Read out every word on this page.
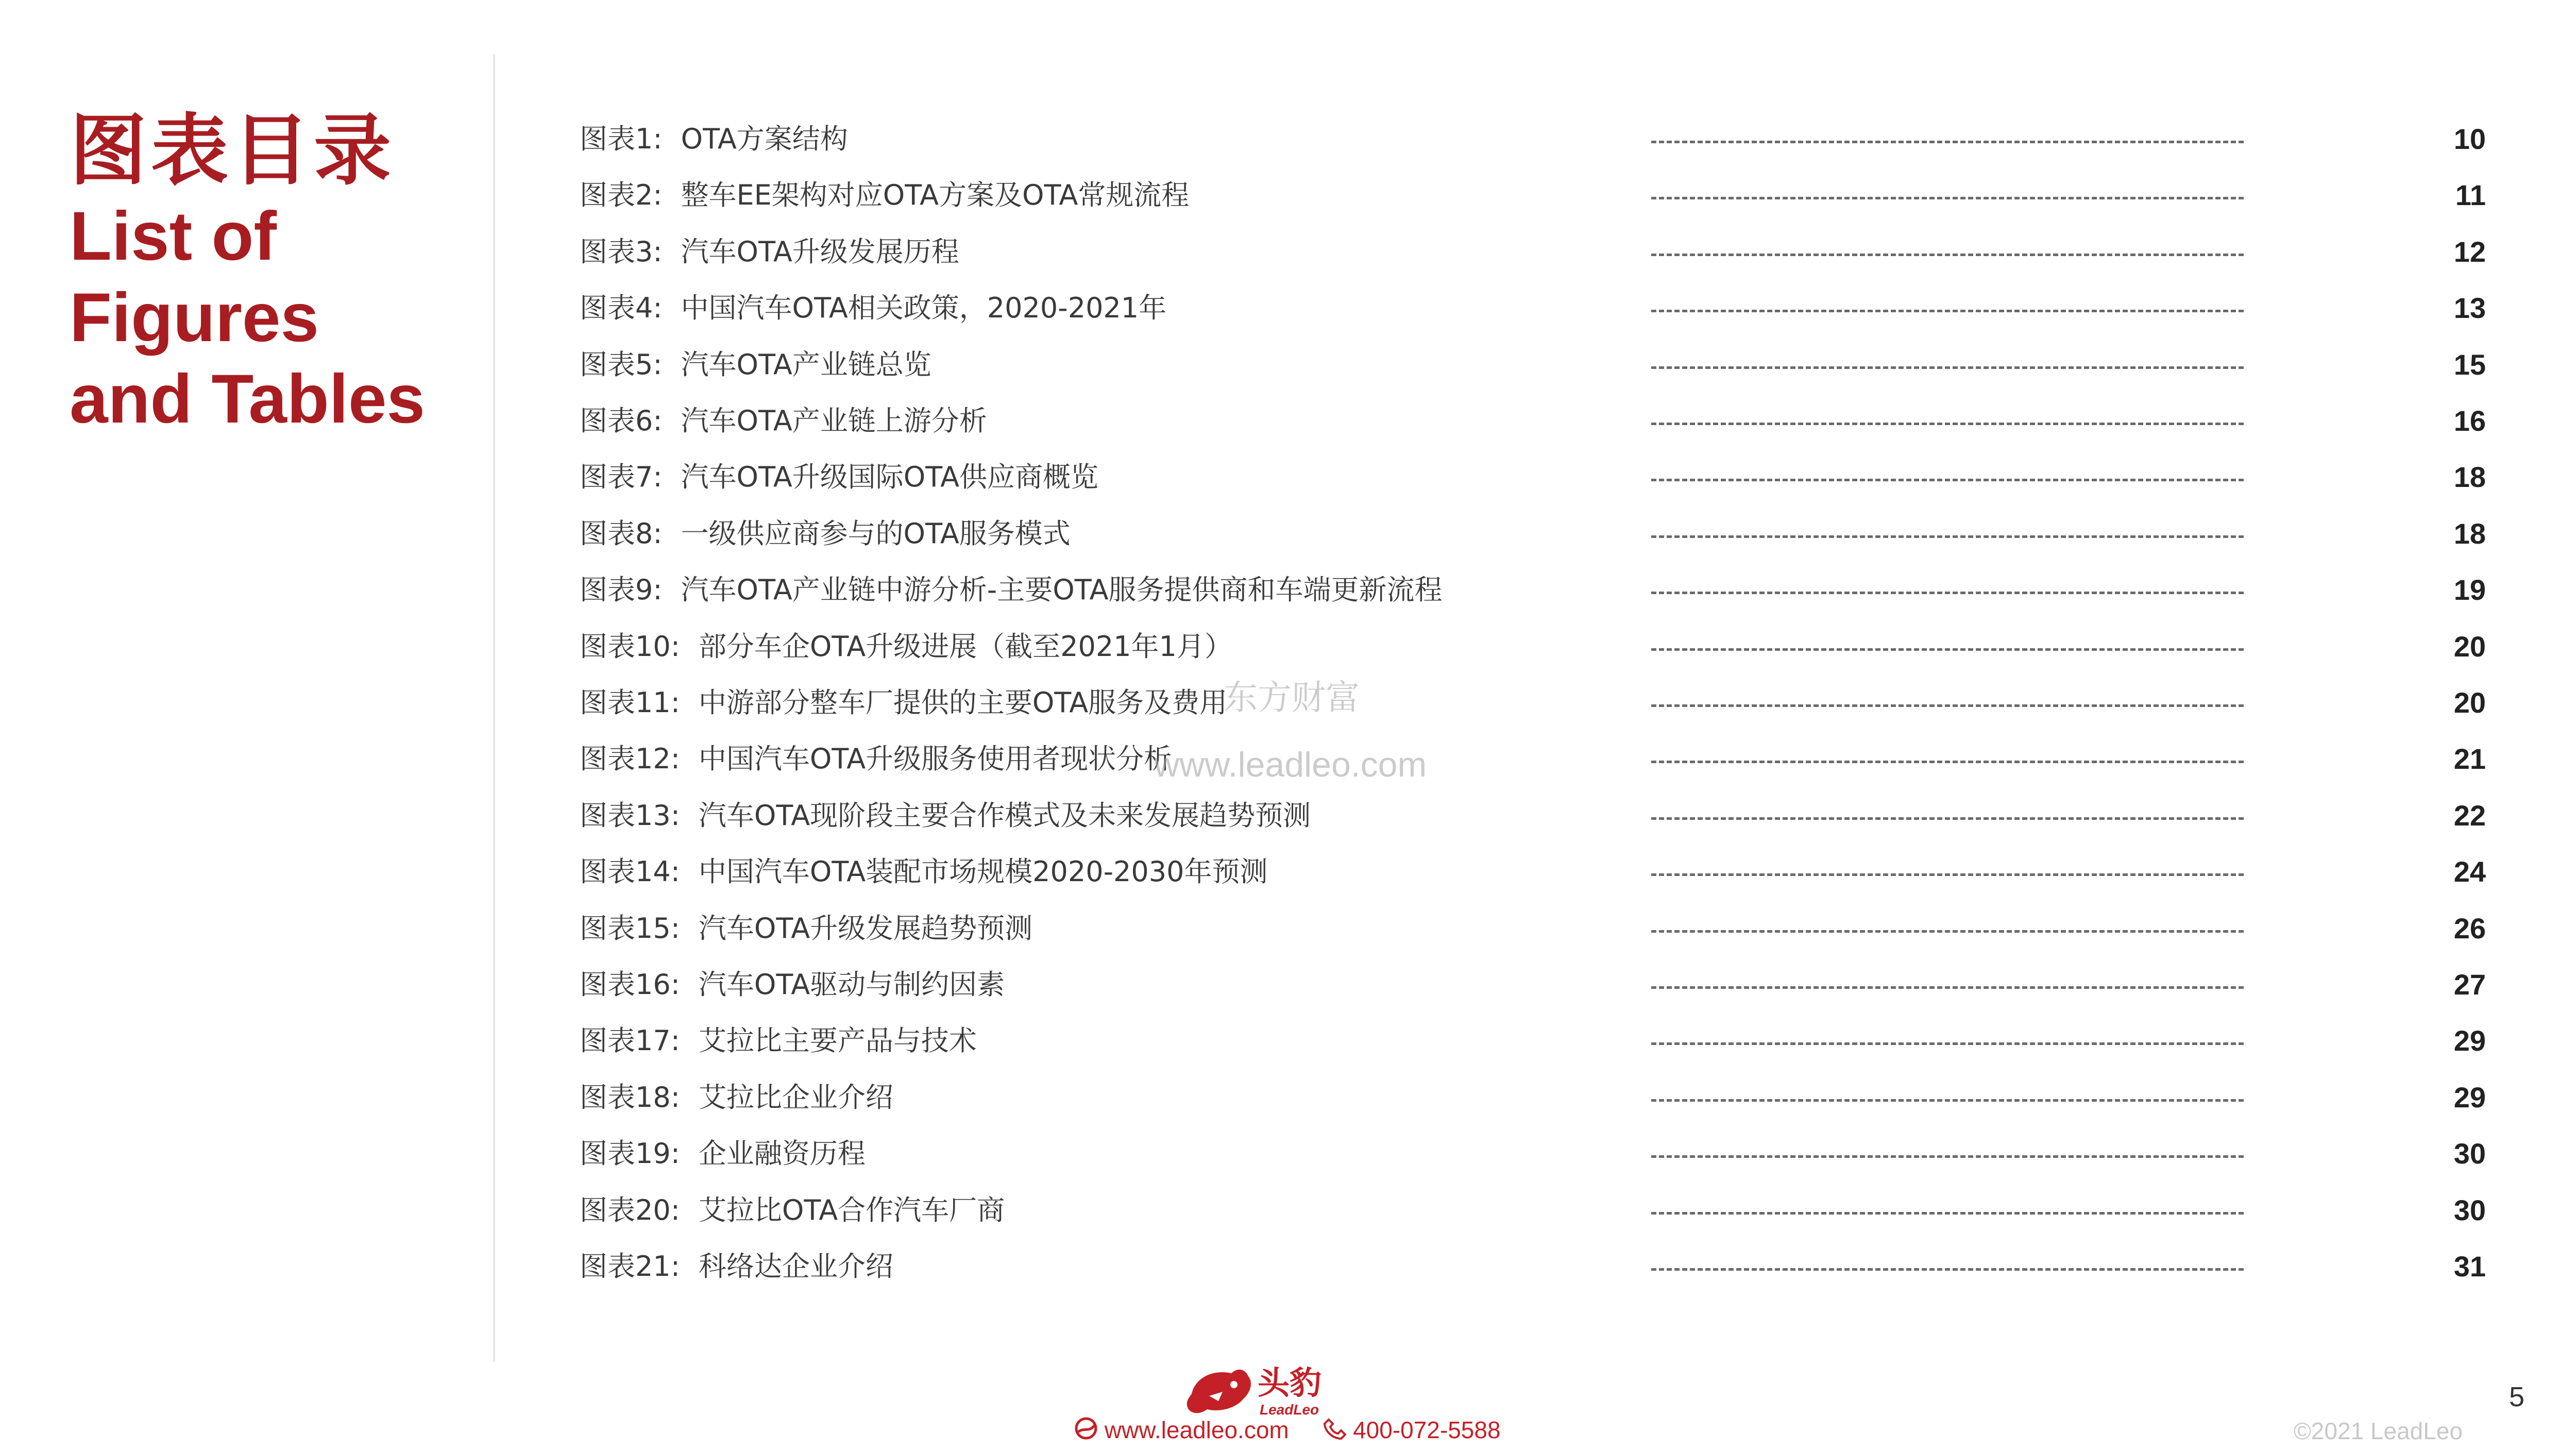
图表目录
List of
Figures
and Tables
图表1: OTA方案结构	10
图表2: 整车EE架构对应OTA方案及OTA常规流程	11
图表3: 汽车OTA升级发展历程	12
图表4: 中国汽车OTA相关政策，2020-2021年	13
图表5: 汽车OTA产业链总览	15
图表6: 汽车OTA产业链上游分析	16
图表7: 汽车OTA升级国际OTA供应商概览	18
图表8: 一级供应商参与的OTA服务模式	18
图表9: 汽车OTA产业链中游分析-主要OTA服务提供商和车端更新流程	19
图表10: 部分车企OTA升级进展（截至2021年1月）	20
图表11: 中游部分整车厂提供的主要OTA服务及费用	20
图表12: 中国汽车OTA升级服务使用者现状分析	21
图表13: 汽车OTA现阶段主要合作模式及未来发展趋势预测	22
图表14: 中国汽车OTA装配市场规模2020-2030年预测	24
图表15: 汽车OTA升级发展趋势预测	26
图表16: 汽车OTA驱动与制约因素	27
图表17: 艾拉比主要产品与技术	29
图表18: 艾拉比企业介绍	29
图表19: 企业融资历程	30
图表20: 艾拉比OTA合作汽车厂商	30
图表21: 科络达企业介绍	31
东方财富
www.leadleo.com
头豹
LeadLeo
www.leadleo.com	400-072-5588
5
©2021 LeadLeo
